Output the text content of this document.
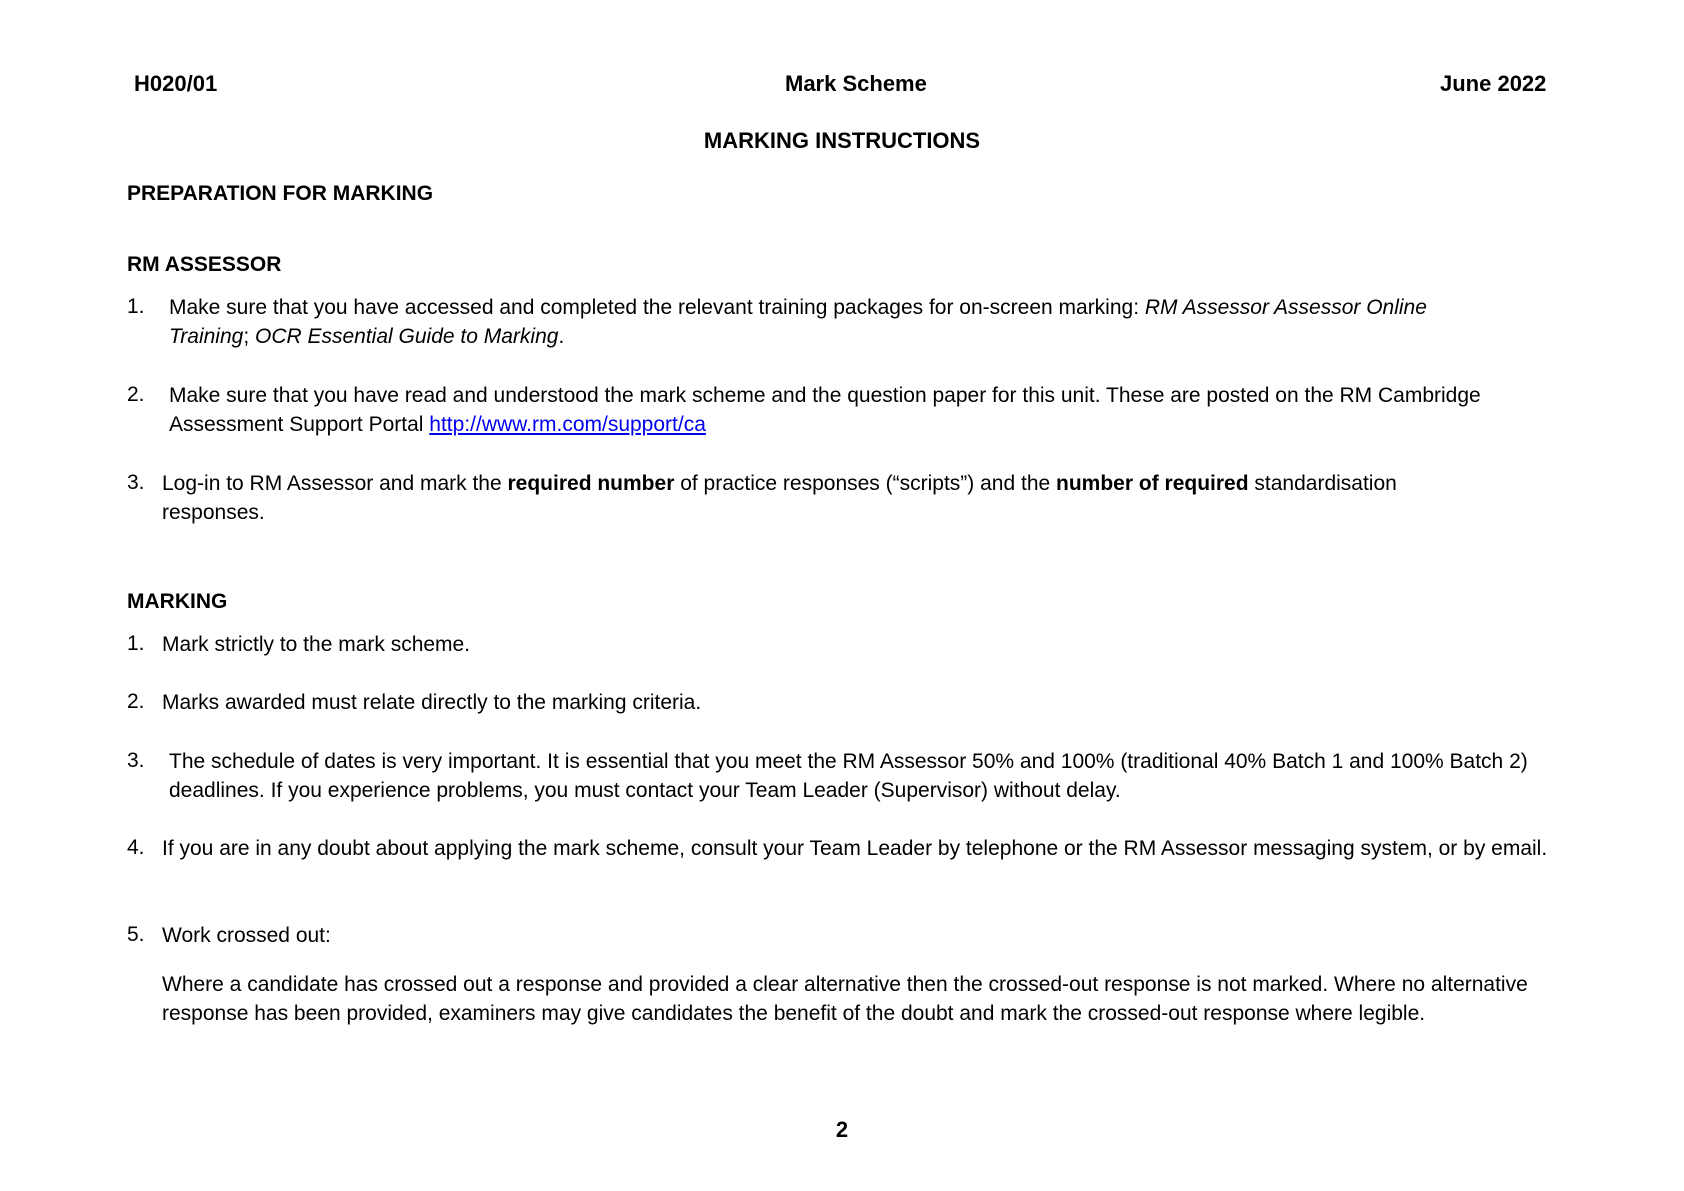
H020/01	Mark Scheme	June 2022
MARKING INSTRUCTIONS
PREPARATION FOR MARKING
RM ASSESSOR
1. Make sure that you have accessed and completed the relevant training packages for on-screen marking: RM Assessor Assessor Online Training; OCR Essential Guide to Marking.
2. Make sure that you have read and understood the mark scheme and the question paper for this unit. These are posted on the RM Cambridge Assessment Support Portal http://www.rm.com/support/ca
3. Log-in to RM Assessor and mark the required number of practice responses (“scripts”) and the number of required standardisation responses.
MARKING
1. Mark strictly to the mark scheme.
2. Marks awarded must relate directly to the marking criteria.
3. The schedule of dates is very important. It is essential that you meet the RM Assessor 50% and 100% (traditional 40% Batch 1 and 100% Batch 2) deadlines. If you experience problems, you must contact your Team Leader (Supervisor) without delay.
4. If you are in any doubt about applying the mark scheme, consult your Team Leader by telephone or the RM Assessor messaging system, or by email.
5. Work crossed out:
Where a candidate has crossed out a response and provided a clear alternative then the crossed-out response is not marked. Where no alternative response has been provided, examiners may give candidates the benefit of the doubt and mark the crossed-out response where legible.
2
